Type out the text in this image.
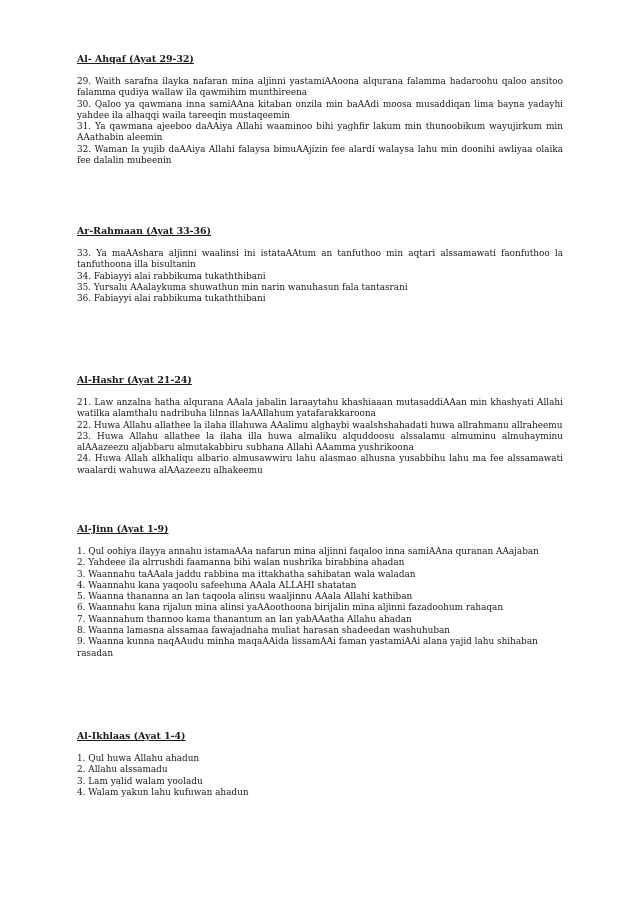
Al- Ahqaf (Ayat 29-32)

29. Waith sarafna ilayka nafaran mina aljinni yastamiAAoona alqurana falamma hadaroohu qaloo ansitoo falamma qudiya wallaw ila qawmihim munthireena

30. Qaloo ya qawmana inna samiAAna kitaban onzila min baAAdi moosa musaddiqan lima bayna yadayhi yahdee ila alhaqqi waila tareeqin mustaqeemin

31. Ya qawmana ajeeboo daAAiya Allahi waaminoo bihi yaghfir lakum min thunoobikum wayujirkum min AAathabin aleemin

32. Waman la yujib daAAiya Allahi falaysa bimuAAjizin fee alardi walaysa lahu min doonihi awliyaa olaika fee dalalin mubeenin

Ar-Rahmaan (Ayat 33-36)

33. Ya maAAshara aljinni waalinsi ini istataAAtum an tanfuthoo min aqtari alssamawati faonfuthoo la tanfuthoona illa bisultanin

34. Fabiayyi alai rabbikuma tukaththibani

35. Yursalu AAalaykuma shuwathun min narin wanuhasun fala tantasrani

36. Fabiayyi alai rabbikuma tukaththibani

Al-Hashr (Ayat 21-24)

21. Law anzalna hatha alqurana AAala jabalin laraaytahu khashiaaan mutasaddiAAan min khashyati Allahi watilka alamthalu nadribuha lilnnas laAAllahum yatafarakkaroona

22. Huwa Allahu allathee la ilaha illahuwa AAalimu alghaybi waalshshahadati huwa allrahmanu allraheemu

23. Huwa Allahu allathee la ilaha illa huwa almaliku alquddoosu alssalamu almuminu almuhayminu alAAazeezu aljabbaru almutakabbiru subhana Allahi AAamma yushrikoona

24. Huwa Allah alkhaliqu albario almusawwiru lahu alasmao alhusna yusabbihu lahu ma fee alssamawati waalardi wahuwa alAAazeezu alhakeemu

Al-Jinn (Ayat 1-9)

1. Qul oohiya ilayya annahu istamaAAa nafarun mina aljinni faqaloo inna samiAAna quranan AAajaban

2. Yahdeee ila alrrushdi faamanna bihi walan nushrika birabbina ahadan

3. Waannahu taAAala jaddu rabbina ma ittakhatha sahibatan wala waladan

4. Waannahu kana yaqoolu safeehuna AAala ALLAHI shatatan

5. Waanna thananna an lan taqoola alinsu waaljinnu AAala Allahi kathiban

6. Waannahu kana rijalun mina alinsi yaAAoothoona birijalin mina aljinni fazadoohum rahaqan

7. Waannahum thannoo kama thanantum an lan yabAAatha Allahu ahadan

8. Waanna lamasna alssamaa fawajadnaha muliat harasan shadeedan washuhuban

9. Waanna kunna naqAAudu minha maqaAAida lissamAAi faman yastamiAAi alana yajid lahu shihaban rasadan

Al-Ikhlaas (Ayat 1-4)

1. Qul huwa Allahu ahadun

2. Allahu alssamadu

3. Lam yalid walam yooladu

4. Walam yakun lahu kufuwan ahadun
